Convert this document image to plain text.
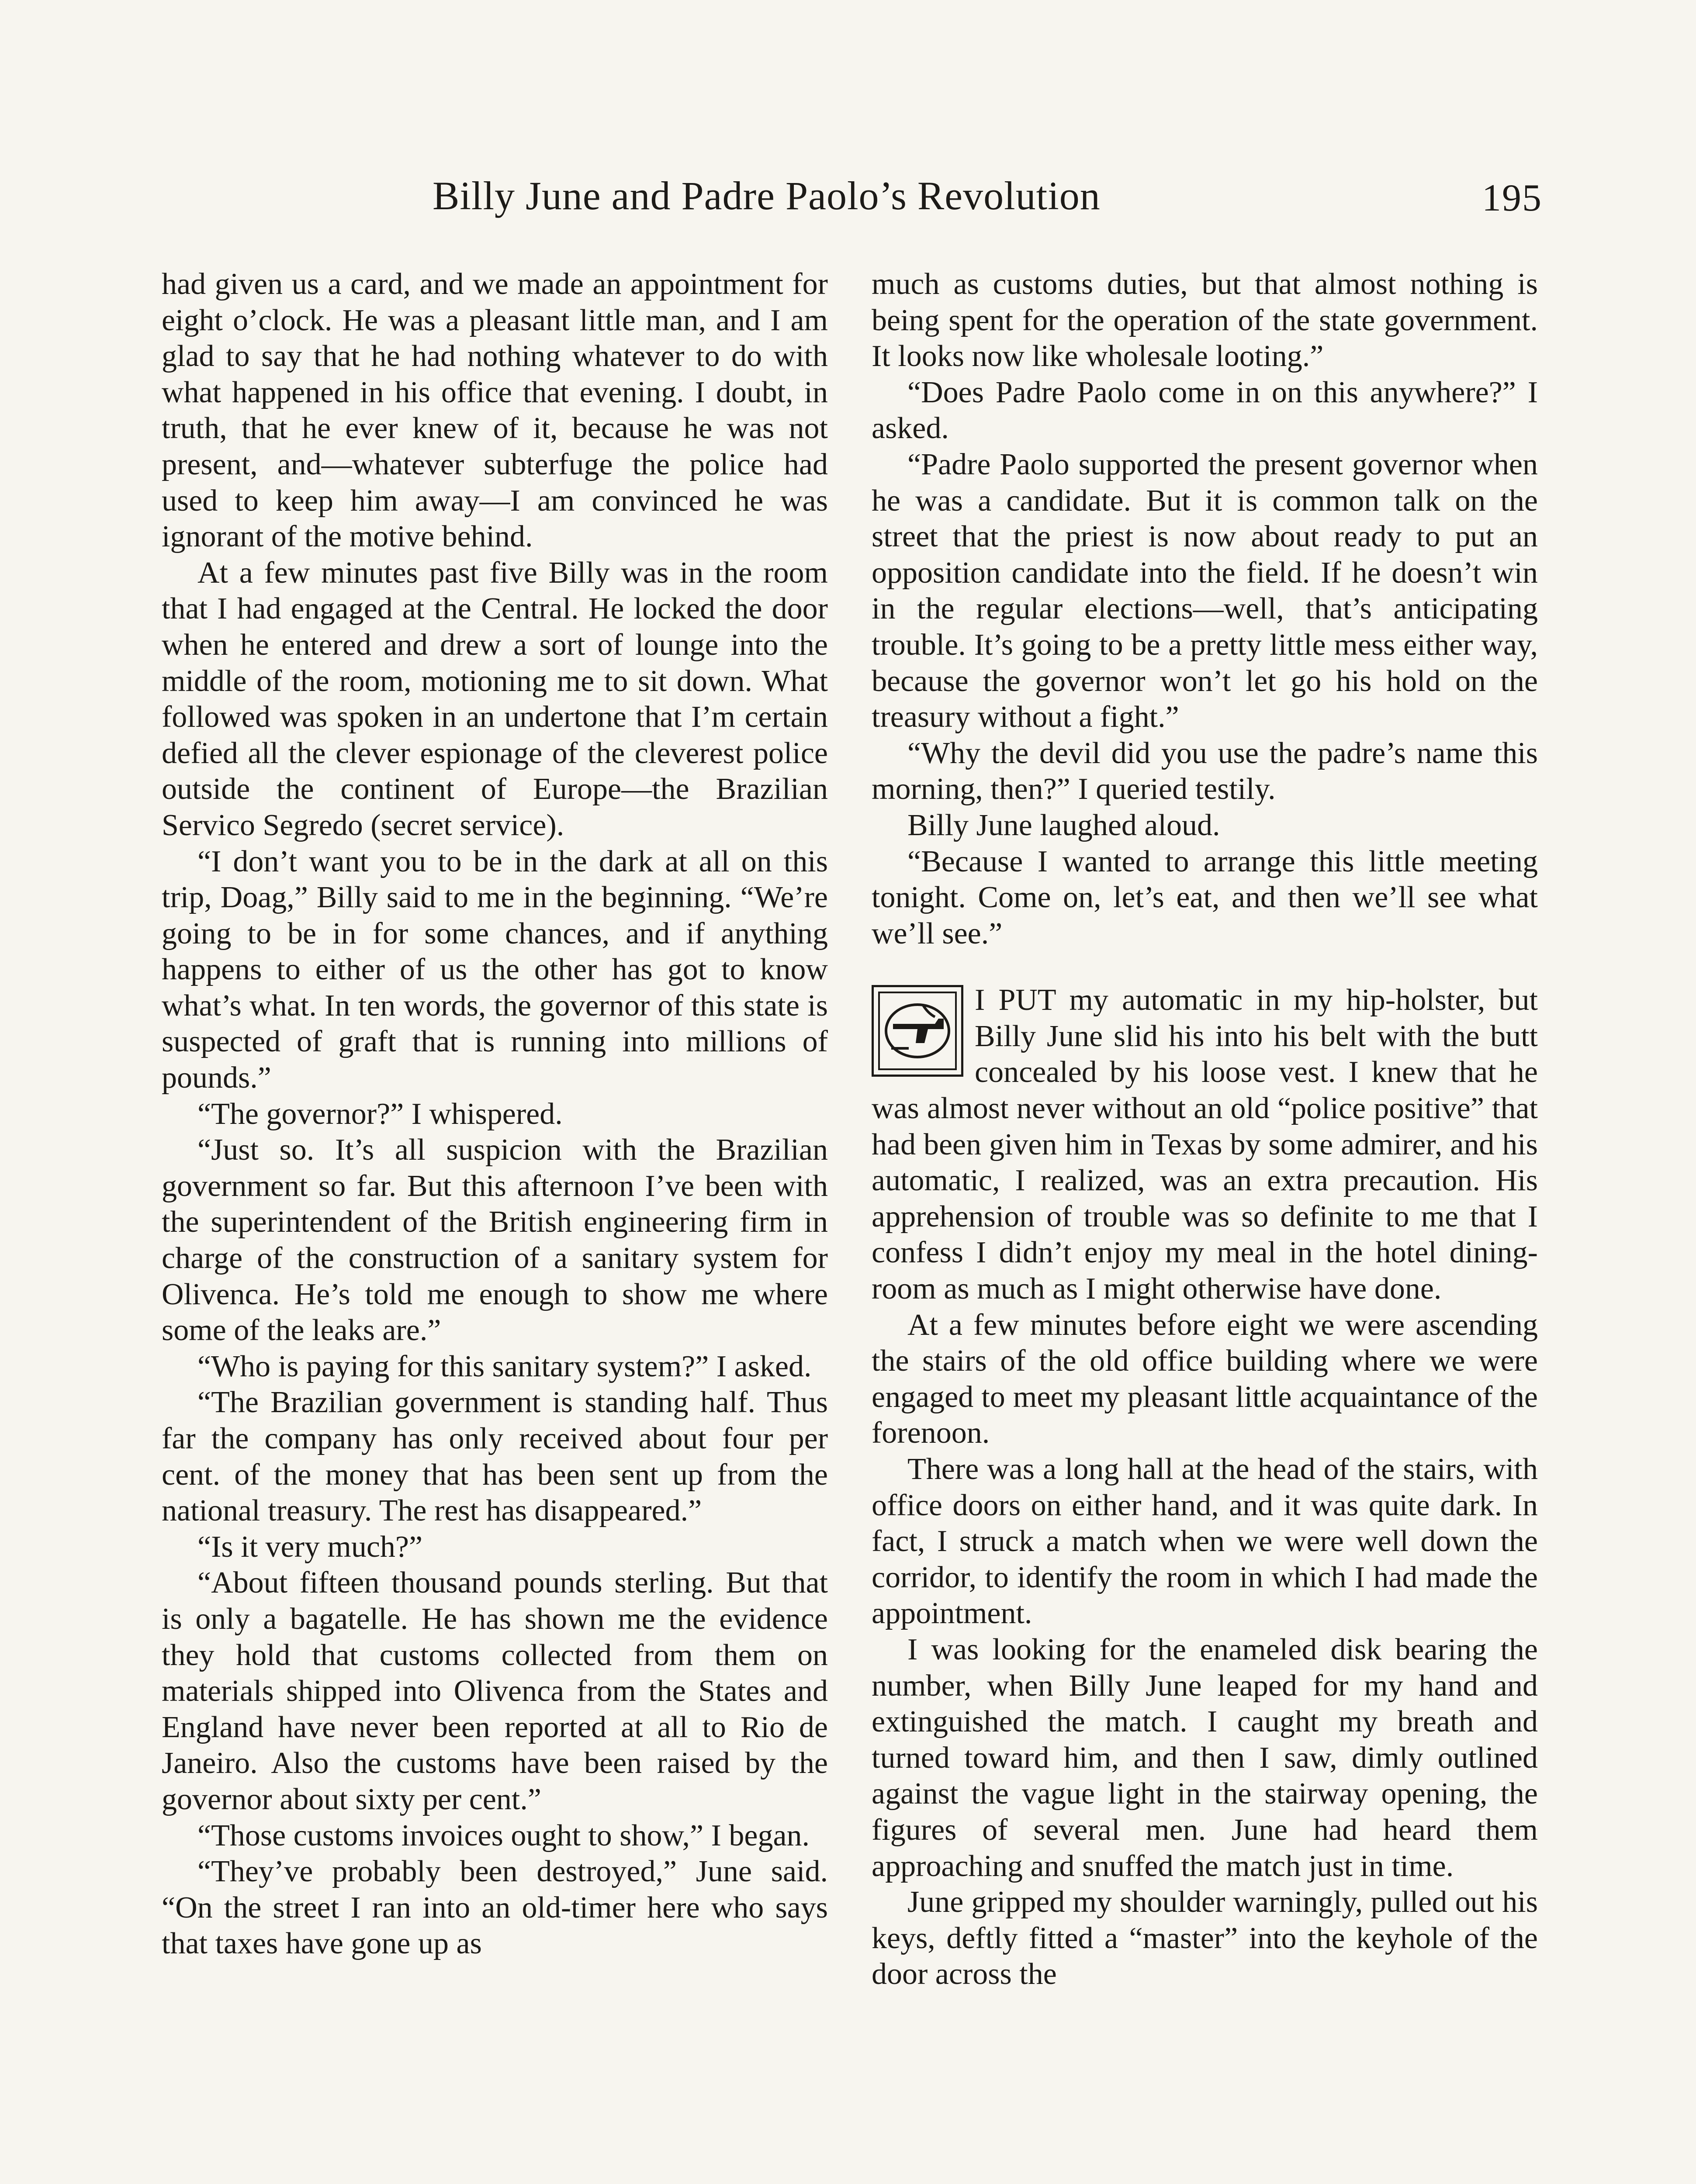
Billy June and Padre Paolo’s Revolution	195

had given us a card, and we made an appointment for eight o’clock. He was a pleasant little man, and I am glad to say that he had nothing whatever to do with what happened in his office that evening. I doubt, in truth, that he ever knew of it, because he was not present, and—whatever subterfuge the police had used to keep him away—I am convinced he was ignorant of the motive behind.

At a few minutes past five Billy was in the room that I had engaged at the Central. He locked the door when he entered and drew a sort of lounge into the middle of the room, motioning me to sit down. What followed was spoken in an undertone that I’m certain defied all the clever espionage of the cleverest police outside the continent of Europe—the Brazilian Servico Segredo (secret service).

“I don’t want you to be in the dark at all on this trip, Doag,” Billy said to me in the beginning. “We’re going to be in for some chances, and if anything happens to either of us the other has got to know what’s what. In ten words, the governor of this state is suspected of graft that is running into millions of pounds.”

“The governor?” I whispered.

“Just so. It’s all suspicion with the Brazilian government so far. But this afternoon I’ve been with the superintendent of the British engineering firm in charge of the construction of a sanitary system for Olivenca. He’s told me enough to show me where some of the leaks are.”

“Who is paying for this sanitary system?” I asked.

“The Brazilian government is standing half. Thus far the company has only received about four per cent. of the money that has been sent up from the national treasury. The rest has disappeared.”

“Is it very much?”

“About fifteen thousand pounds sterling. But that is only a bagatelle. He has shown me the evidence they hold that customs collected from them on materials shipped into Olivenca from the States and England have never been reported at all to Rio de Janeiro. Also the customs have been raised by the governor about sixty per cent.”

“Those customs invoices ought to show,” I began.

“They’ve probably been destroyed,” June said. “On the street I ran into an old-timer here who says that taxes have gone up as

much as customs duties, but that almost nothing is being spent for the operation of the state government. It looks now like wholesale looting.”

“Does Padre Paolo come in on this anywhere?” I asked.

“Padre Paolo supported the present governor when he was a candidate. But it is common talk on the street that the priest is now about ready to put an opposition candidate into the field. If he doesn’t win in the regular elections—well, that’s anticipating trouble. It’s going to be a pretty little mess either way, because the governor won’t let go his hold on the treasury without a fight.”

“Why the devil did you use the padre’s name this morning, then?” I queried testily.

Billy June laughed aloud.

“Because I wanted to arrange this little meeting tonight. Come on, let’s eat, and then we’ll see what we’ll see.”

I PUT my automatic in my hip-holster, but Billy June slid his into his belt with the butt concealed by his loose vest. I knew that he was almost never without an old “police positive” that had been given him in Texas by some admirer, and his automatic, I realized, was an extra precaution. His apprehension of trouble was so definite to me that I confess I didn’t enjoy my meal in the hotel dining-room as much as I might otherwise have done.

At a few minutes before eight we were ascending the stairs of the old office building where we were engaged to meet my pleasant little acquaintance of the forenoon.

There was a long hall at the head of the stairs, with office doors on either hand, and it was quite dark. In fact, I struck a match when we were well down the corridor, to identify the room in which I had made the appointment.

I was looking for the enameled disk bearing the number, when Billy June leaped for my hand and extinguished the match. I caught my breath and turned toward him, and then I saw, dimly outlined against the vague light in the stairway opening, the figures of several men. June had heard them approaching and snuffed the match just in time.

June gripped my shoulder warningly, pulled out his keys, deftly fitted a “master” into the keyhole of the door across the
